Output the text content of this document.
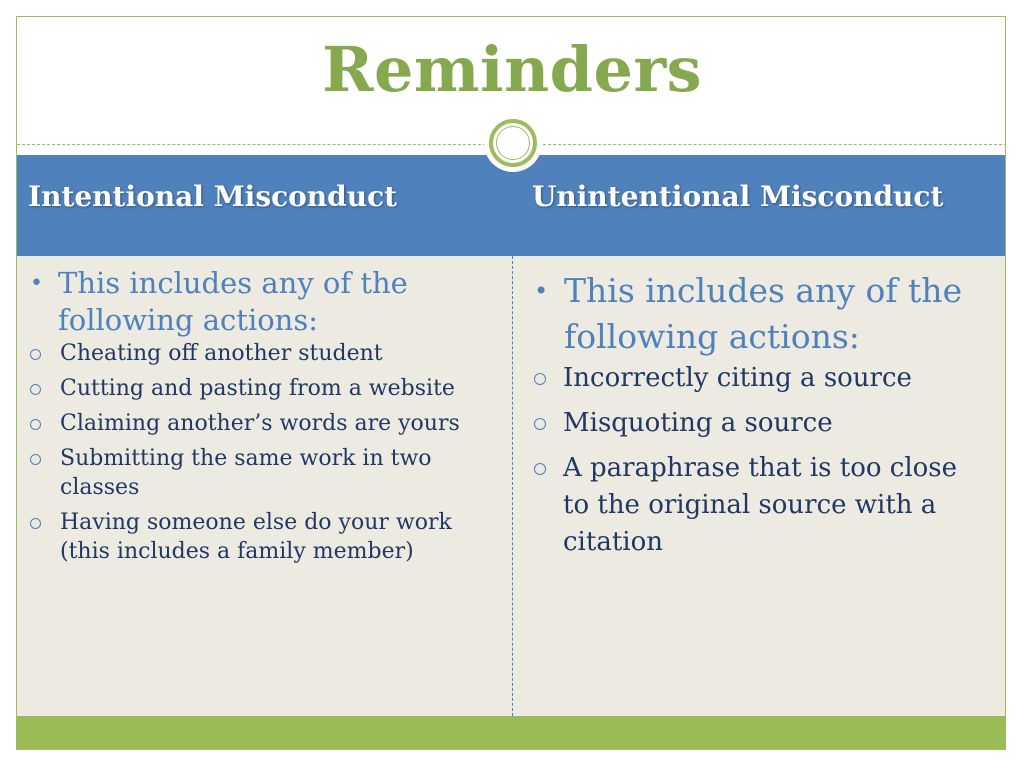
Reminders
Intentional Misconduct	Unintentional Misconduct
• This includes any of the following actions:
Cheating off another student
Cutting and pasting from a website
Claiming another’s words are yours
Submitting the same work in two classes
Having someone else do your work (this includes a family member)
• This includes any of the following actions:
Incorrectly citing a source
Misquoting a source
A paraphrase that is too close to the original source with a citation
